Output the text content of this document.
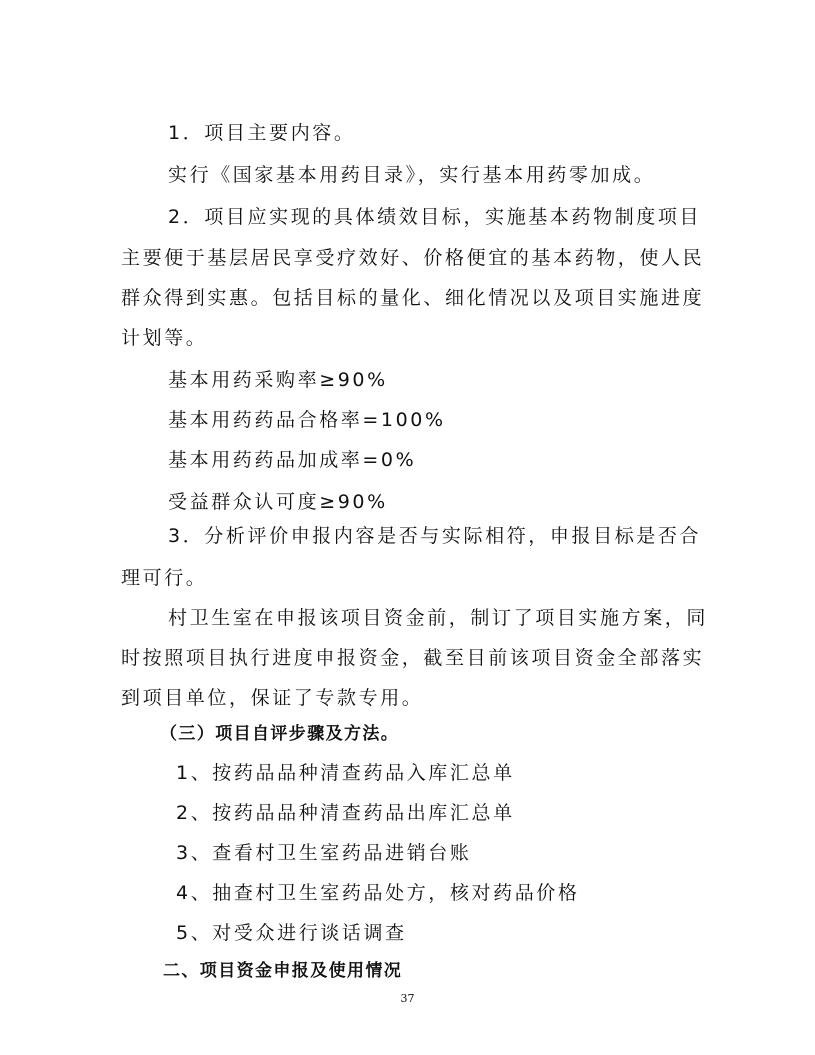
1．项目主要内容。
实行《国家基本用药目录》，实行基本用药零加成。
2．项目应实现的具体绩效目标，实施基本药物制度项目
主要便于基层居民享受疗效好、价格便宜的基本药物，使人民
群众得到实惠。包括目标的量化、细化情况以及项目实施进度
计划等。
基本用药采购率≥90%
基本用药药品合格率=100%
基本用药药品加成率=0%
受益群众认可度≥90%
3．分析评价申报内容是否与实际相符，申报目标是否合
理可行。
村卫生室在申报该项目资金前，制订了项目实施方案，同
时按照项目执行进度申报资金，截至目前该项目资金全部落实
到项目单位，保证了专款专用。
（三）项目自评步骤及方法。
1、按药品品种清查药品入库汇总单
2、按药品品种清查药品出库汇总单
3、查看村卫生室药品进销台账
4、抽查村卫生室药品处方，核对药品价格
5、对受众进行谈话调查
二、项目资金申报及使用情况
37
